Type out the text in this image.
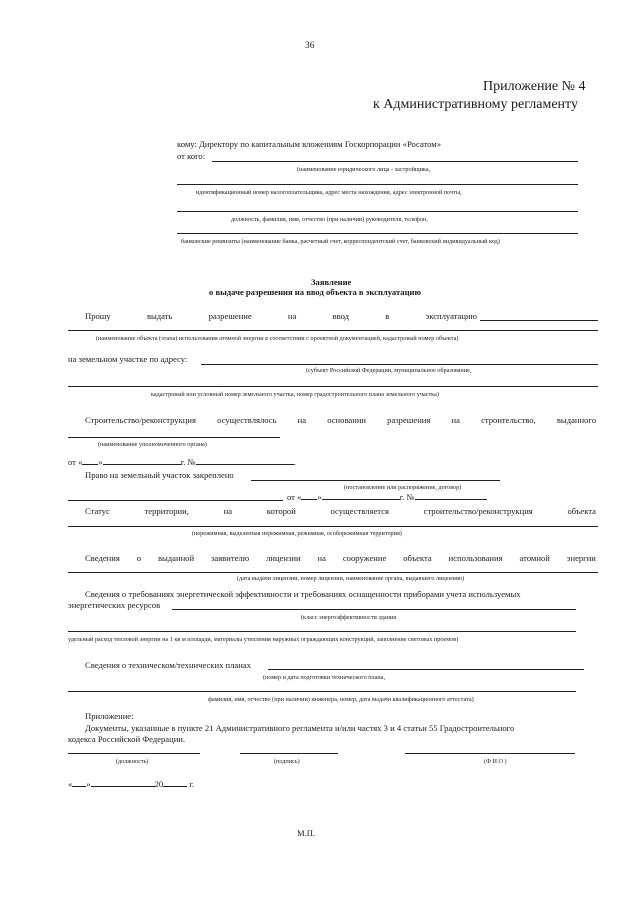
36
Приложение № 4
к Административному регламенту
кому: Директору по капитальным вложениям Госкорпорации «Росатом»
от кого:
(наименование юридического лица - застройщика,
идентификационный номер налогоплательщика, адрес места нахождения, адрес электронной почты,
должность, фамилия, имя, отчество (при наличии) руководителя, телефон,
банковские реквизиты (наименование банка, расчетный счет, корреспондентский счет, банковский индивидуальный код)
Заявление
о выдаче разрешения на ввод объекта в эксплуатацию
Прошу	выдать	разрешение	на	ввод	в	эксплуатацию
(наименование объекта (этапа) использования атомной энергии в соответствии с проектной документацией, кадастровый номер объекта)
на земельном участке по адресу:
(субъект Российской Федерации, муниципальное образование,
кадастровый или условный номер земельного участка, номер градостроительного плана земельного участка)
Строительство/реконструкция осуществлялось на основании разрешения на строительство, выданного
(наименование уполномоченного органа)
от « »	г. №	.
Право на земельный участок закреплено
(постановление или распоряжение, договор)
от « »	г. №
Статус	территории,	на	которой	осуществляется	строительство/реконструкция	объекта
(нережимная, выделенная нережимная, режимная, особорежимная территория)
Сведения о выданной заявителю лицензии на сооружение объекта использования атомной энергии
(дата выдачи лицензии, номер лицензии, наименование органа, выдавшего лицензию)
Сведения о требованиях энергетической эффективности и требованиях оснащенности приборами учета используемых
энергетических ресурсов
(класс энергоэффективности здания
удельный расход тепловой энергии на 1 кв м площади, материалы утепления наружных ограждающих конструкций, заполнение световых проемов)
Сведения о техническом/технических планах
(номер и дата подготовки технического плана,
фамилия, имя, отчество (при наличии) инженера, номер, дата выдачи квалификационного аттестата)
Приложение:
Документы, указанные в пункте 21 Административного регламента и/или частях 3 и 4 статьи 55 Градостроительного
кодекса Российской Федерации.
(должность)	(подпись)	(Ф И О )
« »	20	г.
М.П.
